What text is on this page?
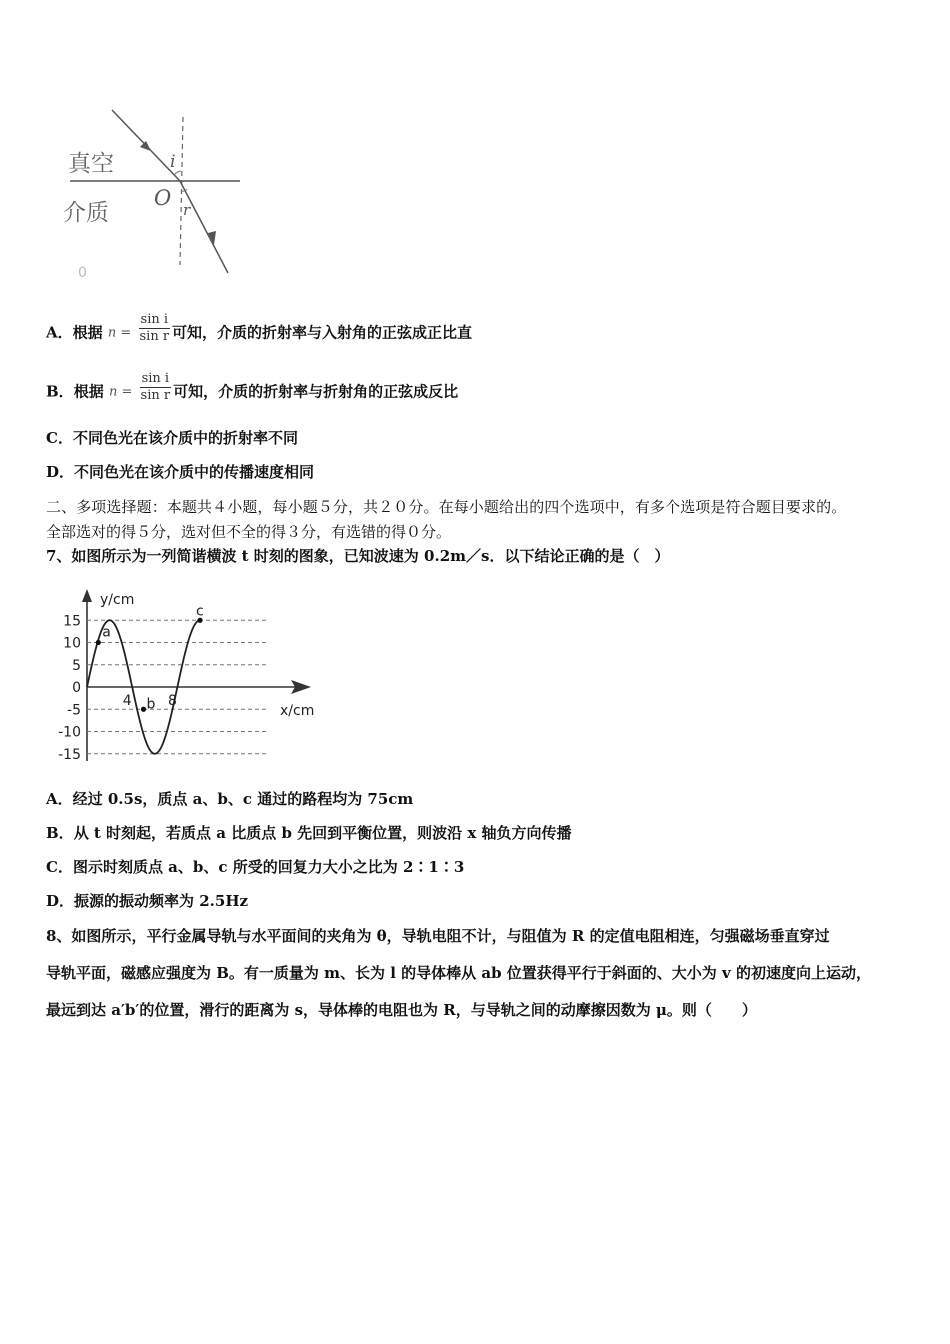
真空
介质
O
i
r
0
A．根据 $n = \frac{\text{sin i}}{\text{sin r}}$ 可知，介质的折射率与入射角的正弦成正比直
B．根据 $n = \frac{\text{sin i}}{\text{sin r}}$ 可知，介质的折射率与折射角的正弦成反比
C．不同色光在该介质中的折射率不同
D．不同色光在该介质中的传播速度相同
二、多项选择题：本题共４小题，每小题５分，共２０分。在每小题给出的四个选项中，有多个选项是符合题目要求的。
全部选对的得５分，选对但不全的得３分，有选错的得０分。
7、如图所示为一列简谐横波 t 时刻的图象，已知波速为 0.2m／s．以下结论正确的是（　）
y/cm
x/cm
15
10
5
0
-5
-10
-15
4	8
a
b
c
A．经过 0.5s，质点 a、b、c 通过的路程均为 75cm
B．从 t 时刻起，若质点 a 比质点 b 先回到平衡位置，则波沿 x 轴负方向传播
C．图示时刻质点 a、b、c 所受的回复力大小之比为 2∶1∶3
D．振源的振动频率为 2.5Hz
8、如图所示，平行金属导轨与水平面间的夹角为 θ，导轨电阻不计，与阻值为 R 的定值电阻相连，匀强磁场垂直穿过
导轨平面，磁感应强度为 B。有一质量为 m、长为 l 的导体棒从 ab 位置获得平行于斜面的、大小为 v 的初速度向上运动，
最远到达 a′b′的位置，滑行的距离为 s，导体棒的电阻也为 R，与导轨之间的动摩擦因数为 μ。则（　　）
